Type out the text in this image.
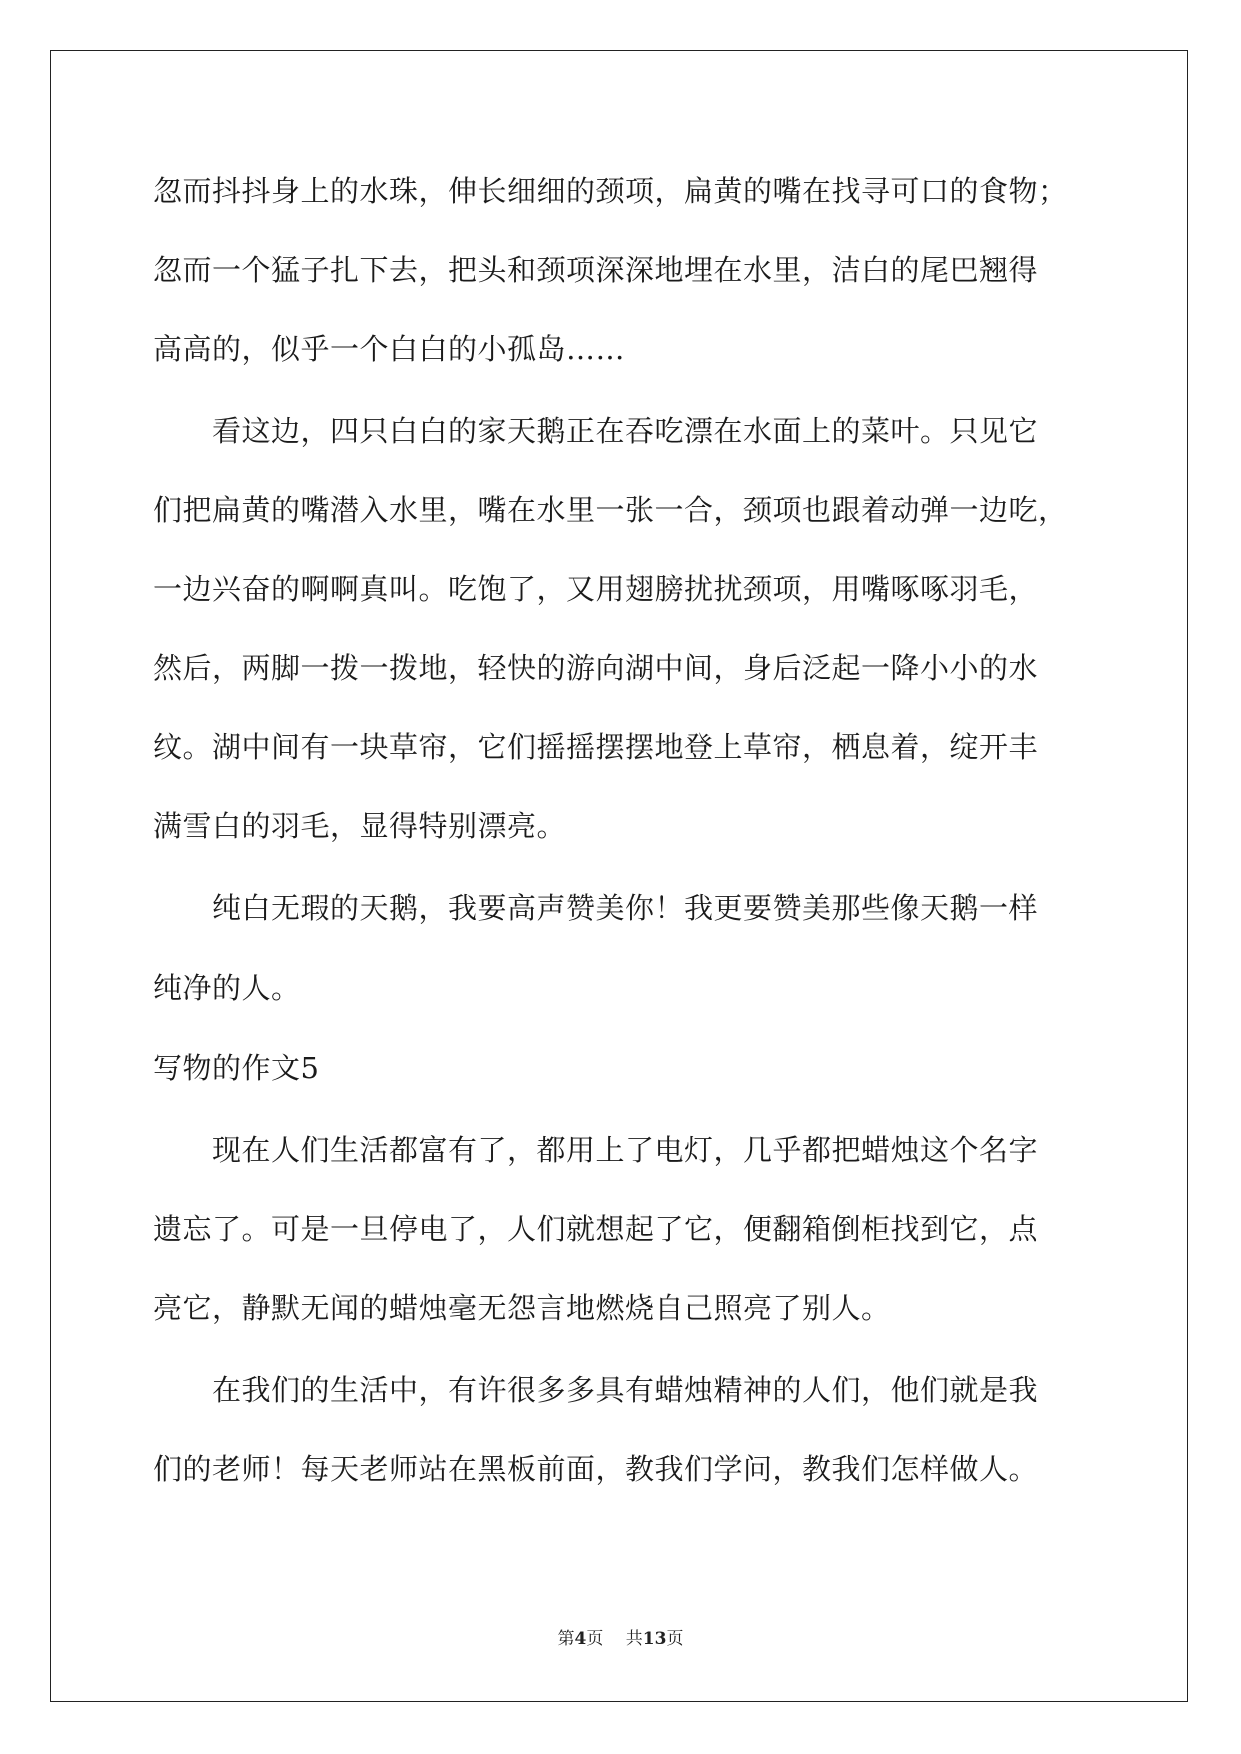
忽而抖抖身上的水珠，伸长细细的颈项，扁黄的嘴在找寻可口的食物；
忽而一个猛子扎下去，把头和颈项深深地埋在水里，洁白的尾巴翘得
高高的，似乎一个白白的小孤岛……
　　看这边，四只白白的家天鹅正在吞吃漂在水面上的菜叶。只见它
们把扁黄的嘴潜入水里，嘴在水里一张一合，颈项也跟着动弹一边吃，
一边兴奋的啊啊真叫。吃饱了，又用翅膀扰扰颈项，用嘴啄啄羽毛，
然后，两脚一拨一拨地，轻快的游向湖中间，身后泛起一降小小的水
纹。湖中间有一块草帘，它们摇摇摆摆地登上草帘，栖息着，绽开丰
满雪白的羽毛，显得特别漂亮。
　　纯白无瑕的天鹅，我要高声赞美你！我更要赞美那些像天鹅一样
纯净的人。
写物的作文5
　　现在人们生活都富有了，都用上了电灯，几乎都把蜡烛这个名字
遗忘了。可是一旦停电了，人们就想起了它，便翻箱倒柜找到它，点
亮它，静默无闻的蜡烛毫无怨言地燃烧自己照亮了别人。
　　在我们的生活中，有许很多多具有蜡烛精神的人们，他们就是我
们的老师！每天老师站在黑板前面，教我们学问，教我们怎样做人。
第4页　 共13页
